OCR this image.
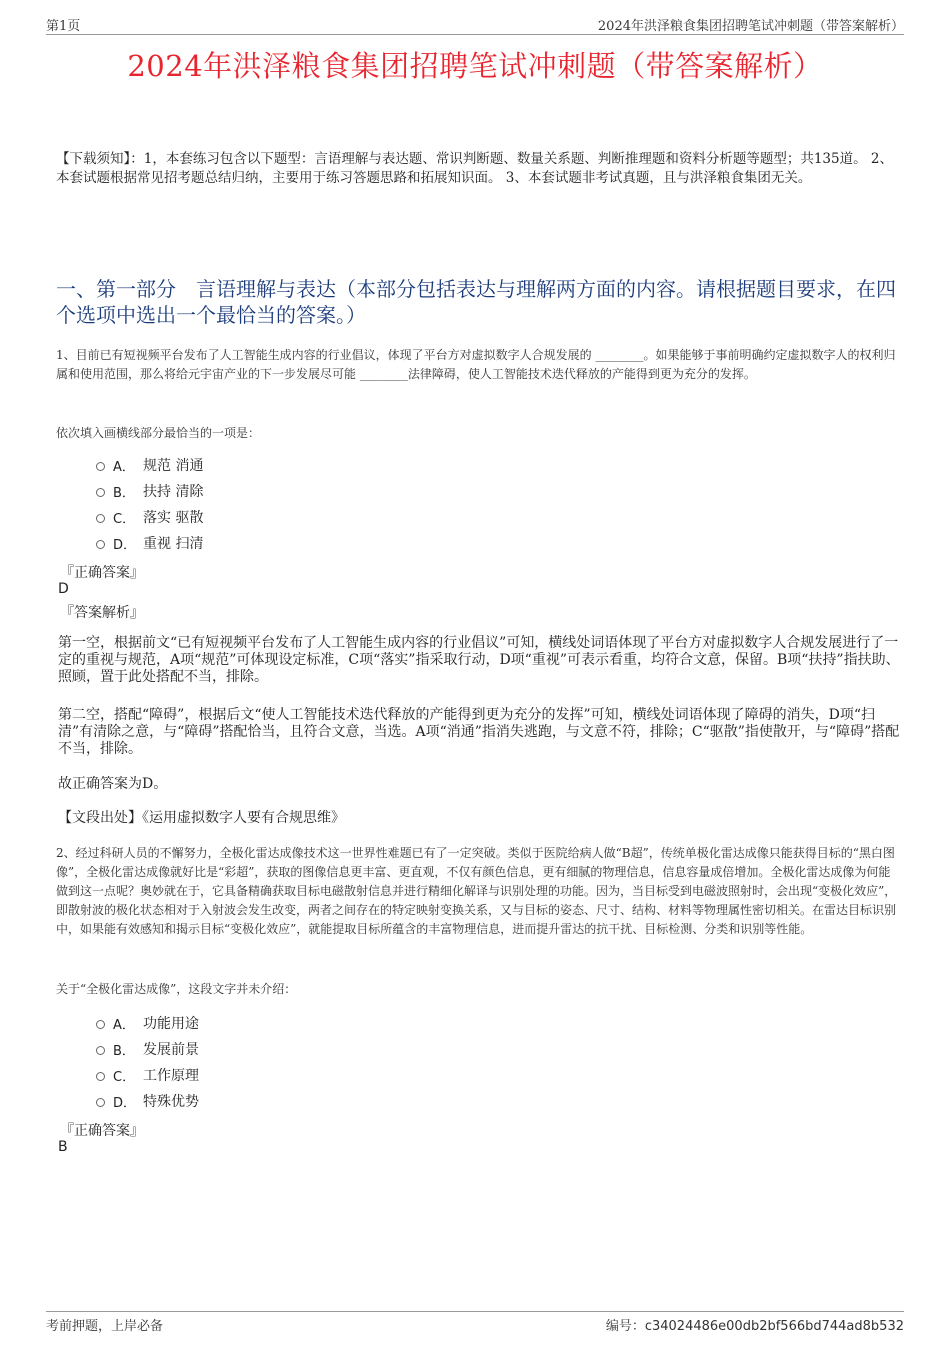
第1页	2024年洪泽粮食集团招聘笔试冲刺题（带答案解析）
2024年洪泽粮食集团招聘笔试冲刺题（带答案解析）
【下载须知】：1，本套练习包含以下题型：言语理解与表达题、常识判断题、数量关系题、判断推理题和资料分析题等题型；共135道。 2、本套试题根据常见招考题总结归纳，主要用于练习答题思路和拓展知识面。 3、本套试题非考试真题，且与洪泽粮食集团无关。
一、第一部分　言语理解与表达（本部分包括表达与理解两方面的内容。请根据题目要求，在四个选项中选出一个最恰当的答案。）
1、目前已有短视频平台发布了人工智能生成内容的行业倡议，体现了平台方对虚拟数字人合规发展的 ________。如果能够于事前明确约定虚拟数字人的权利归属和使用范围，那么将给元宇宙产业的下一步发展尽可能 ________法律障碍，使人工智能技术迭代释放的产能得到更为充分的发挥。
依次填入画横线部分最恰当的一项是：
A． 规范 消通
B． 扶持 清除
C． 落实 驱散
D． 重视 扫清
『正确答案』
D
『答案解析』
第一空，根据前文“已有短视频平台发布了人工智能生成内容的行业倡议”可知，横线处词语体现了平台方对虚拟数字人合规发展进行了一定的重视与规范，A项“规范”可体现设定标准，C项“落实”指采取行动，D项“重视”可表示看重，均符合文意，保留。B项“扶持”指扶助、照顾，置于此处搭配不当，排除。
第二空，搭配“障碍”，根据后文“使人工智能技术迭代释放的产能得到更为充分的发挥”可知，横线处词语体现了障碍的消失，D项“扫清”有清除之意，与“障碍”搭配恰当，且符合文意，当选。A项“消通”指消失逃跑，与文意不符，排除；C“驱散”指使散开，与“障碍”搭配不当，排除。
故正确答案为D。
【文段出处】《运用虚拟数字人要有合规思维》
2、经过科研人员的不懈努力，全极化雷达成像技术这一世界性难题已有了一定突破。类似于医院给病人做“B超”，传统单极化雷达成像只能获得目标的“黑白图像”，全极化雷达成像就好比是“彩超”，获取的图像信息更丰富、更直观，不仅有颜色信息，更有细腻的物理信息，信息容量成倍增加。全极化雷达成像为何能做到这一点呢？奥妙就在于，它具备精确获取目标电磁散射信息并进行精细化解译与识别处理的功能。因为，当目标受到电磁波照射时，会出现“变极化效应”，即散射波的极化状态相对于入射波会发生改变，两者之间存在的特定映射变换关系，又与目标的姿态、尺寸、结构、材料等物理属性密切相关。在雷达目标识别中，如果能有效感知和揭示目标“变极化效应”，就能提取目标所蕴含的丰富物理信息，进而提升雷达的抗干扰、目标检测、分类和识别等性能。
关于“全极化雷达成像”，这段文字并未介绍：
A． 功能用途
B． 发展前景
C． 工作原理
D． 特殊优势
『正确答案』
B
考前押题，上岸必备	编号：c34024486e00db2bf566bd744ad8b532
